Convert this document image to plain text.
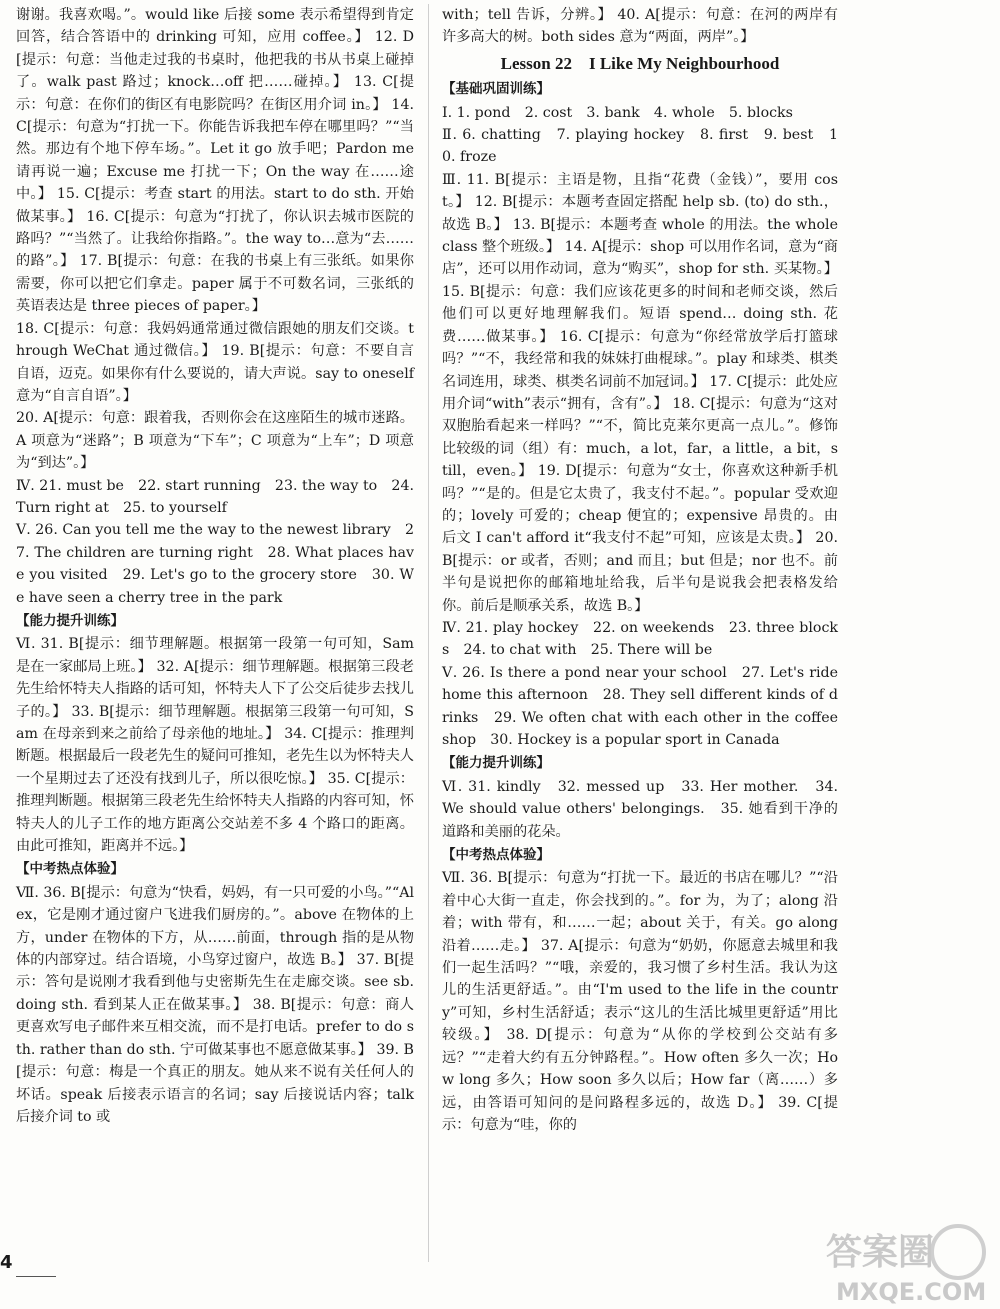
谢谢。我喜欢喝。”。would like 后接 some 表示希望得到肯定回答，结合答语中的 drinking 可知，应用 coffee。】 12. D[提示：句意：当他走过我的书桌时，他把我的书从书桌上碰掉了。walk past 路过；knock…off 把……碰掉。】 13. C[提示：句意：在你们的街区有电影院吗？在街区用介词 in。】 14. C[提示：句意为“打扰一下。你能告诉我把车停在哪里吗？”“当然。那边有个地下停车场。”。Let it go 放手吧；Pardon me 请再说一遍；Excuse me 打扰一下；On the way 在……途中。】 15. C[提示：考查 start 的用法。start to do sth. 开始做某事。】 16. C[提示：句意为“打扰了，你认识去城市医院的路吗？”“当然了。让我给你指路。”。the way to…意为“去……的路”。】 17. B[提示：句意：在我的书桌上有三张纸。如果你需要，你可以把它们拿走。paper 属于不可数名词，三张纸的英语表达是 three pieces of paper。】

18. C[提示：句意：我妈妈通常通过微信跟她的朋友们交谈。through WeChat 通过微信。】 19. B[提示：句意：不要自言自语，迈克。如果你有什么要说的，请大声说。say to oneself 意为“自言自语”。】

20. A[提示：句意：跟着我，否则你会在这座陌生的城市迷路。A 项意为“迷路”；B 项意为“下车”；C 项意为“上车”；D 项意为“到达”。】

Ⅳ. 21. must be　22. start running　23. the way to　24. Turn right at　25. to yourself

Ⅴ. 26. Can you tell me the way to the newest library　27. The children are turning right　28. What places have you visited　29. Let's go to the grocery store　30. We have seen a cherry tree in the park

【能力提升训练】

Ⅵ. 31. B[提示：细节理解题。根据第一段第一句可知，Sam 是在一家邮局上班。】 32. A[提示：细节理解题。根据第三段老先生给怀特夫人指路的话可知，怀特夫人下了公交后徒步去找儿子的。】 33. B[提示：细节理解题。根据第三段第一句可知，Sam 在母亲到来之前给了母亲他的地址。】 34. C[提示：推理判断题。根据最后一段老先生的疑问可推知，老先生以为怀特夫人一个星期过去了还没有找到儿子，所以很吃惊。】 35. C[提示：推理判断题。根据第三段老先生给怀特夫人指路的内容可知，怀特夫人的儿子工作的地方距离公交站差不多 4 个路口的距离。由此可推知，距离并不远。】

【中考热点体验】

Ⅶ. 36. B[提示：句意为“快看，妈妈，有一只可爱的小鸟。”“Alex，它是刚才通过窗户飞进我们厨房的。”。above 在物体的上方，under 在物体的下方，从……前面，through 指的是从物体的内部穿过。结合语境，小鸟穿过窗户，故选 B。】 37. B[提示：答句是说刚才我看到他与史密斯先生在走廊交谈。see sb. doing sth. 看到某人正在做某事。】 38. B[提示：句意：商人更喜欢写电子邮件来互相交流，而不是打电话。prefer to do sth. rather than do sth. 宁可做某事也不愿意做某事。】 39. B[提示：句意：梅是一个真正的朋友。她从来不说有关任何人的坏话。speak 后接表示语言的名词；say 后接说话内容；talk 后接介词 to 或

with；tell 告诉，分辨。】 40. A[提示：句意：在河的两岸有许多高大的树。both sides 意为“两面，两岸”。】

Lesson 22　I Like My Neighbourhood

【基础巩固训练】

Ⅰ. 1. pond　2. cost　3. bank　4. whole　5. blocks

Ⅱ. 6. chatting　7. playing hockey　8. first　9. best　10. froze

Ⅲ. 11. B[提示：主语是物，且指“花费（金钱）”，要用 cost。】 12. B[提示：本题考查固定搭配 help sb. (to) do sth.，故选 B。】 13. B[提示：本题考查 whole 的用法。the whole class 整个班级。】 14. A[提示：shop 可以用作名词，意为“商店”，还可以用作动词，意为“购买”，shop for sth. 买某物。】 15. B[提示：句意：我们应该花更多的时间和老师交谈，然后他们可以更好地理解我们。短语 spend… doing sth. 花费……做某事。】 16. C[提示：句意为“你经常放学后打篮球吗？”“不，我经常和我的妹妹打曲棍球。”。play 和球类、棋类名词连用，球类、棋类名词前不加冠词。】 17. C[提示：此处应用介词“with”表示“拥有，含有”。】 18. C[提示：句意为“这对双胞胎看起来一样吗？”“不，简比克莱尔更高一点儿。”。修饰比较级的词（组）有：much，a lot，far，a little，a bit，still，even。】 19. D[提示：句意为“女士，你喜欢这种新手机吗？”“是的。但是它太贵了，我支付不起。”。popular 受欢迎的；lovely 可爱的；cheap 便宜的；expensive 昂贵的。由后文 I can't afford it“我支付不起”可知，应该是太贵。】 20. B[提示：or 或者，否则；and 而且；but 但是；nor 也不。前半句是说把你的邮箱地址给我，后半句是说我会把表格发给你。前后是顺承关系，故选 B。】

Ⅳ. 21. play hockey　22. on weekends　23. three blocks　24. to chat with　25. There will be

Ⅴ. 26. Is there a pond near your school　27. Let's ride home this afternoon　28. They sell different kinds of drinks　29. We often chat with each other in the coffee shop　30. Hockey is a popular sport in Canada

【能力提升训练】

Ⅵ. 31. kindly　32. messed up　33. Her mother.　34. We should value others' belongings.　35. 她看到干净的道路和美丽的花朵。

【中考热点体验】

Ⅶ. 36. B[提示：句意为“打扰一下。最近的书店在哪儿？”“沿着中心大街一直走，你会找到的。”。for 为，为了；along 沿着；with 带有，和……一起；about 关于，有关。go along 沿着……走。】 37. A[提示：句意为“奶奶，你愿意去城里和我们一起生活吗？”“哦，亲爱的，我习惯了乡村生活。我认为这儿的生活更舒适。”。由“I'm used to the life in the country”可知，乡村生活舒适；表示“这儿的生活比城里更舒适”用比较级。】 38. D[提示：句意为“从你的学校到公交站有多远？”“走着大约有五分钟路程。”。How often 多久一次；How long 多久；How soon 多久以后；How far（离……）多远，由答语可知问的是问路程多远的，故选 D。】 39. C[提示：句意为“哇，你的

4	答案圈
MXQE.COM
